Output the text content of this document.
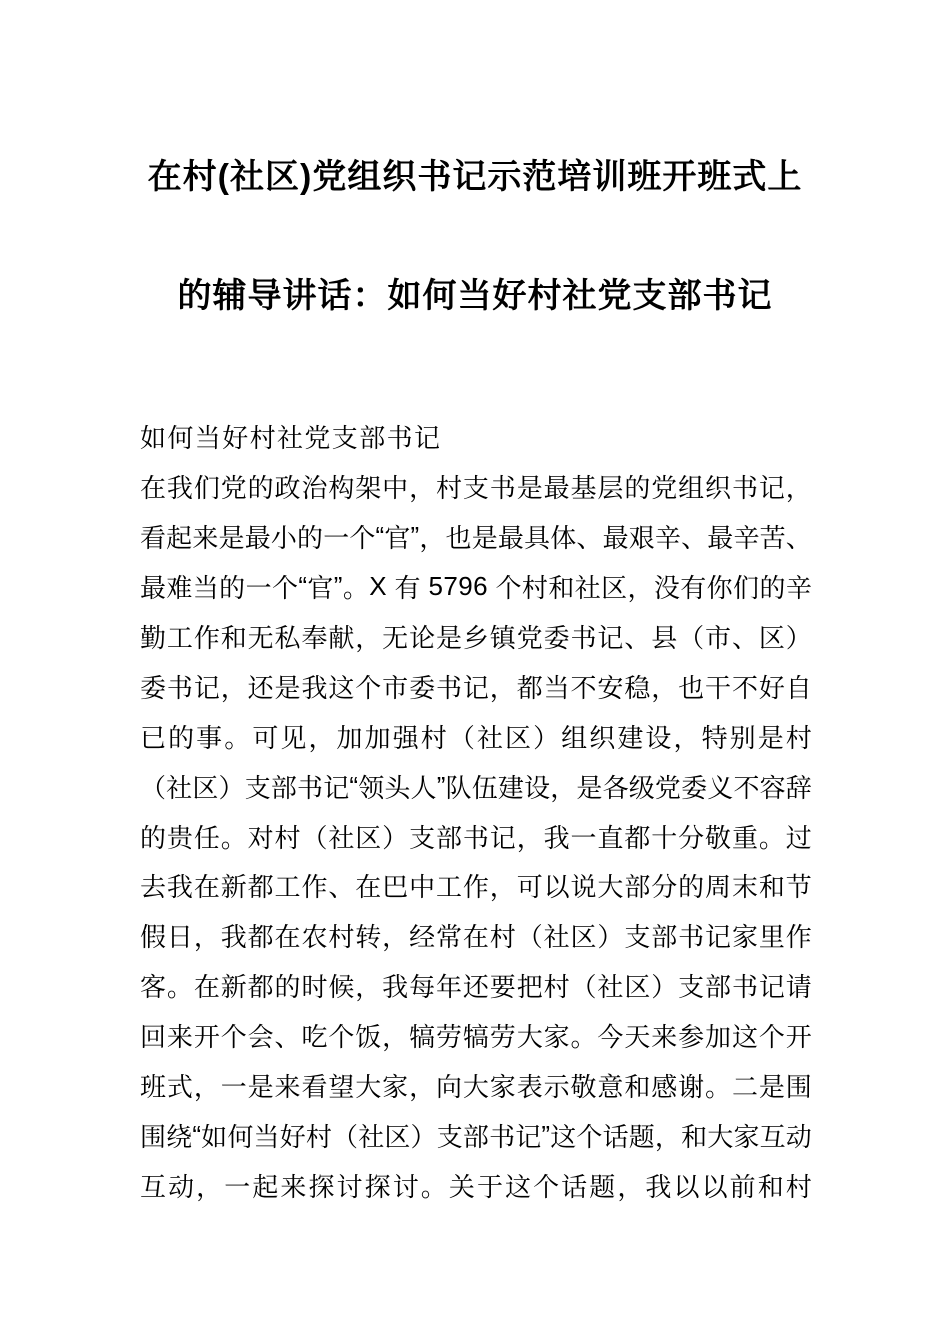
在村(社区)党组织书记示范培训班开班式上
的辅导讲话：如何当好村社党支部书记
如何当好村社党支部书记
在 我 们 党 的 政 治 构 架 中 ， 村 支 书 是 最 基 层 的 党 组 织 书 记 ，
看 起 来 是 最 小 的 一 个 “ 官 ” ， 也 是 最 具 体 、 最 艰 辛 、 最 辛 苦 、
最 难 当 的 一 个 “ 官 ” 。 X
有
5 7 9 6
个 村 和 社 区 ， 没 有 你 们 的 辛
勤 工 作 和 无 私 奉 献 ， 无 论 是 乡 镇 党 委 书 记 、 县 （ 市 、 区 ）
委 书 记 ， 还 是 我 这 个 市 委 书 记 ， 都 当 不 安 稳 ， 也 干 不 好 自
已 的 事 。 可 见 ， 加 加 强 村 （ 社 区 ） 组 织 建 设 ， 特 别 是 村
（ 社 区 ） 支 部 书 记 “ 领 头 人 ” 队 伍 建 设 ， 是 各 级 党 委 义 不 容 辞
的 贵 任 。 对 村 （ 社 区 ） 支 部 书 记 ， 我 一 直 都 十 分 敬 重 。 过
去 我 在 新 都 工 作 、 在 巴 中 工 作 ， 可 以 说 大 部 分 的 周 末 和 节
假 日 ， 我 都 在 农 村 转 ， 经 常 在 村 （ 社 区 ） 支 部 书 记 家 里 作
客 。 在 新 都 的 时 候 ， 我 每 年 还 要 把 村 （ 社 区 ） 支 部 书 记 请
回 来 开 个 会 、 吃 个 饭 ， 犒 劳 犒 劳 大 家 。 今 天 来 参 加 这 个 开
班 式 ， 一 是 来 看 望 大 家 ， 向 大 家 表 示 敬 意 和 感 谢 。 二 是 围
围 绕 “ 如 何 当 好 村 （ 社 区 ） 支 部 书 记 ” 这 个 话 题 ， 和 大 家 互 动
互 动 ， 一 起 来 探 讨 探 讨 。 关 于 这 个 话 题 ， 我 以 以 前 和 村
